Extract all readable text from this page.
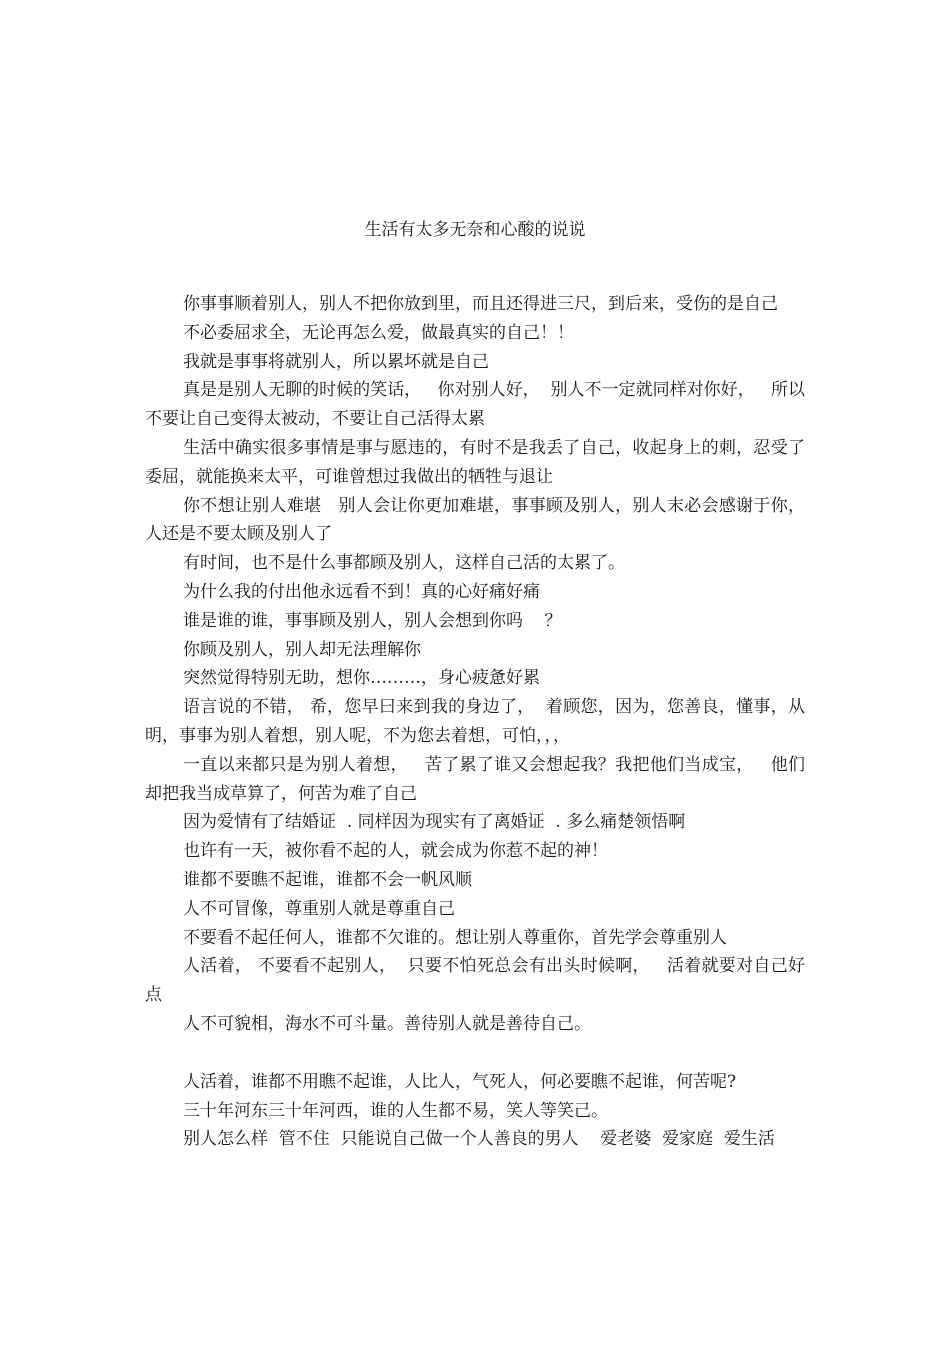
生活有太多无奈和心酸的说说

你事事顺着别人，别人不把你放到里，而且还得进三尺，到后来，受伤的是自己

不必委屈求全，无论再怎么爱，做最真实的自己！！

我就是事事将就别人，所以累坏就是自己

真是是别人无聊的时候的笑话，   你对别人好，  别人不一定就同样对你好，   所以不要让自己变得太被动，不要让自己活得太累

生活中确实很多事情是事与愿违的，有时不是我丢了自己，收起身上的刺，忍受了委屈，就能换来太平，可谁曾想过我做出的牺牲与退让

你不想让别人难堪   别人会让你更加难堪，事事顾及别人，别人末必会感谢于你，人还是不要太顾及别人了

有时间，也不是什么事都顾及别人，这样自己活的太累了。

为什么我的付出他永远看不到！真的心好痛好痛

谁是谁的谁，事事顾及别人，别人会想到你吗    ？

你顾及别人，别人却无法理解你

突然觉得特别无助，想你………，身心疲惫好累

语言说的不错， 希，您早曰来到我的身边了，  着顾您，因为，您善良，懂事，从明，事事为别人着想，别人呢，不为您去着想，可怕，，，

一直以来都只是为别人着想，   苦了累了谁又会想起我？我把他们当成宝，   他们却把我当成草算了，何苦为难了自己

因为爱情有了结婚证  . 同样因为现实有了离婚证  . 多么痛楚领悟啊

也许有一天，被你看不起的人，就会成为你惹不起的神！

谁都不要瞧不起谁，谁都不会一帆风顺

人不可冒像，尊重别人就是尊重自己

不要看不起任何人，谁都不欠谁的。想让别人尊重你，首先学会尊重别人

人活着， 不要看不起别人，  只要不怕死总会有出头时候啊，   活着就要对自己好点

人不可貌相，海水不可斗量。善待别人就是善待自己。

人活着，谁都不用瞧不起谁，人比人，气死人，何必要瞧不起谁，何苦呢?

三十年河东三十年河西，谁的人生都不易，笑人等笑己。

别人怎么样  管不住  只能说自己做一个人善良的男人    爱老婆  爱家庭  爱生活
